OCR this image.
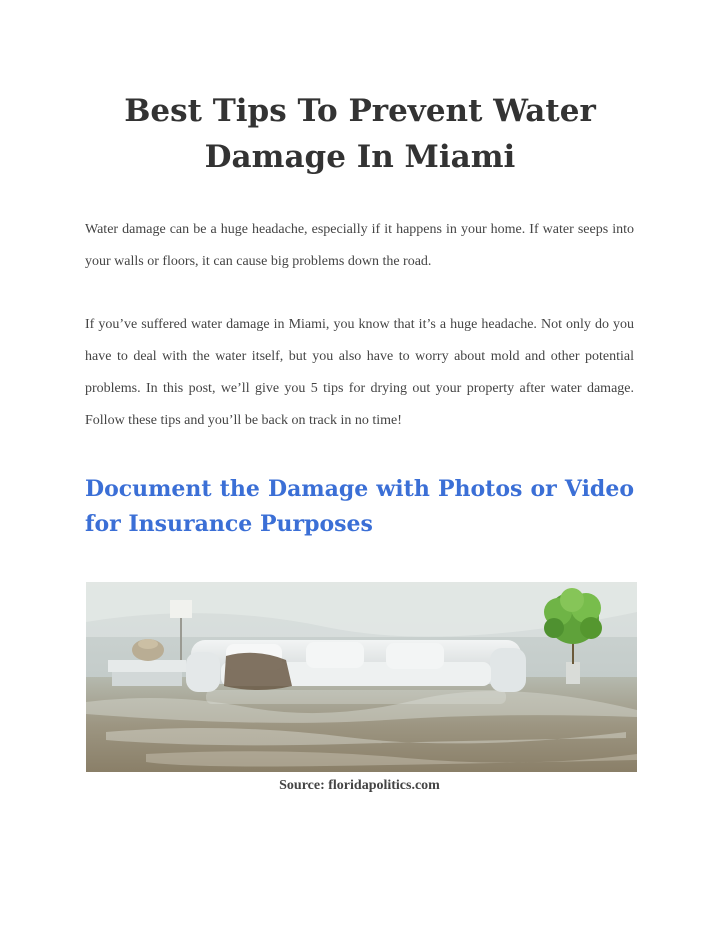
Best Tips To Prevent Water Damage In Miami

Water damage can be a huge headache, especially if it happens in your home. If water seeps into your walls or floors, it can cause big problems down the road.

If you’ve suffered water damage in Miami, you know that it’s a huge headache. Not only do you have to deal with the water itself, but you also have to worry about mold and other potential problems. In this post, we’ll give you 5 tips for drying out your property after water damage. Follow these tips and you’ll be back on track in no time!

Document the Damage with Photos or Video for Insurance Purposes

Source: floridapolitics.com
